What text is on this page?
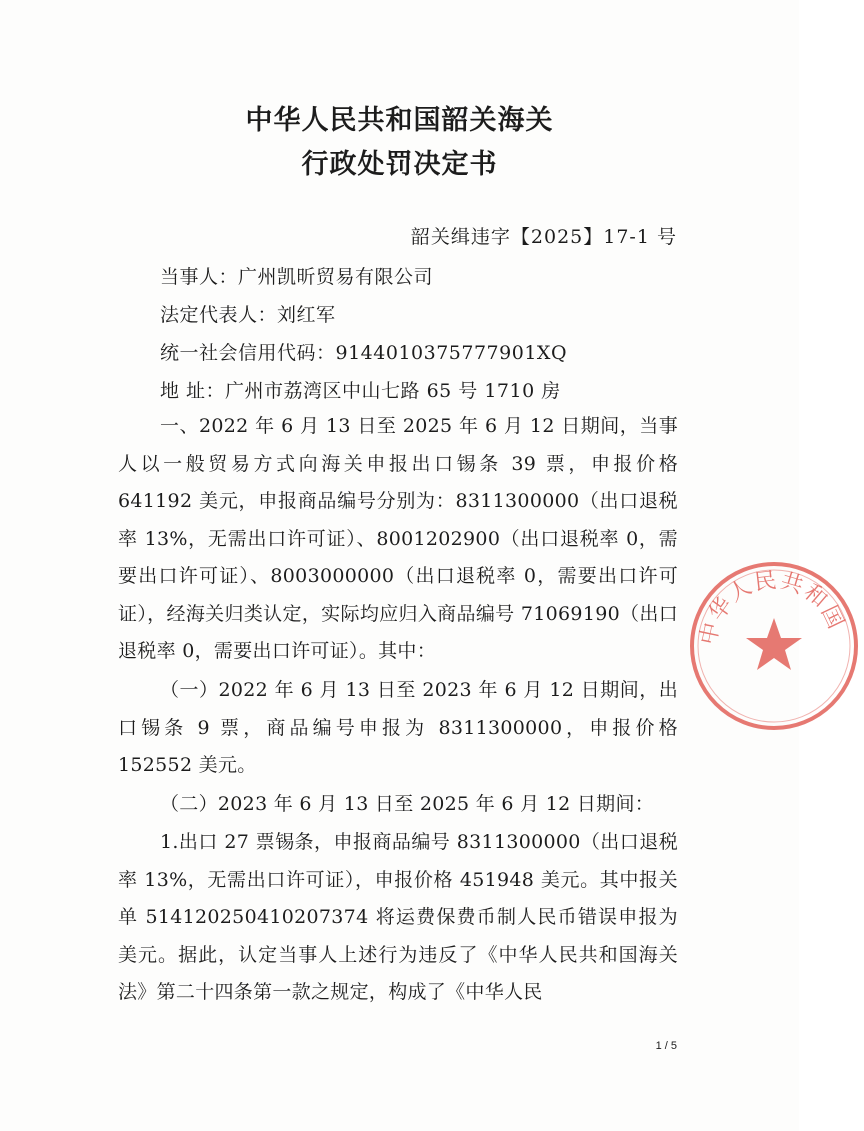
中华人民共和国韶关海关
行政处罚决定书
韶关缉违字【2025】17-1 号
当事人：广州凯昕贸易有限公司
法定代表人：刘红军
统一社会信用代码：9144010375777901XQ
地 址：广州市荔湾区中山七路 65 号 1710 房
一、2022 年 6 月 13 日至 2025 年 6 月 12 日期间，当事人以一般贸易方式向海关申报出口锡条 39 票，申报价格 641192 美元，申报商品编号分别为：8311300000（出口退税率 13%，无需出口许可证）、8001202900（出口退税率 0，需要出口许可证）、8003000000（出口退税率 0，需要出口许可证），经海关归类认定，实际均应归入商品编号 71069190（出口退税率 0，需要出口许可证）。其中：
（一）2022 年 6 月 13 日至 2023 年 6 月 12 日期间，出口锡条 9 票，商品编号申报为 8311300000，申报价格 152552 美元。
（二）2023 年 6 月 13 日至 2025 年 6 月 12 日期间：
1.出口 27 票锡条，申报商品编号 8311300000（出口退税率 13%，无需出口许可证），申报价格 451948 美元。其中报关单 514120250410207374 将运费保费币制人民币错误申报为美元。据此，认定当事人上述行为违反了《中华人民共和国海关法》第二十四条第一款之规定，构成了《中华人民
1 / 5
中华人民共和国
